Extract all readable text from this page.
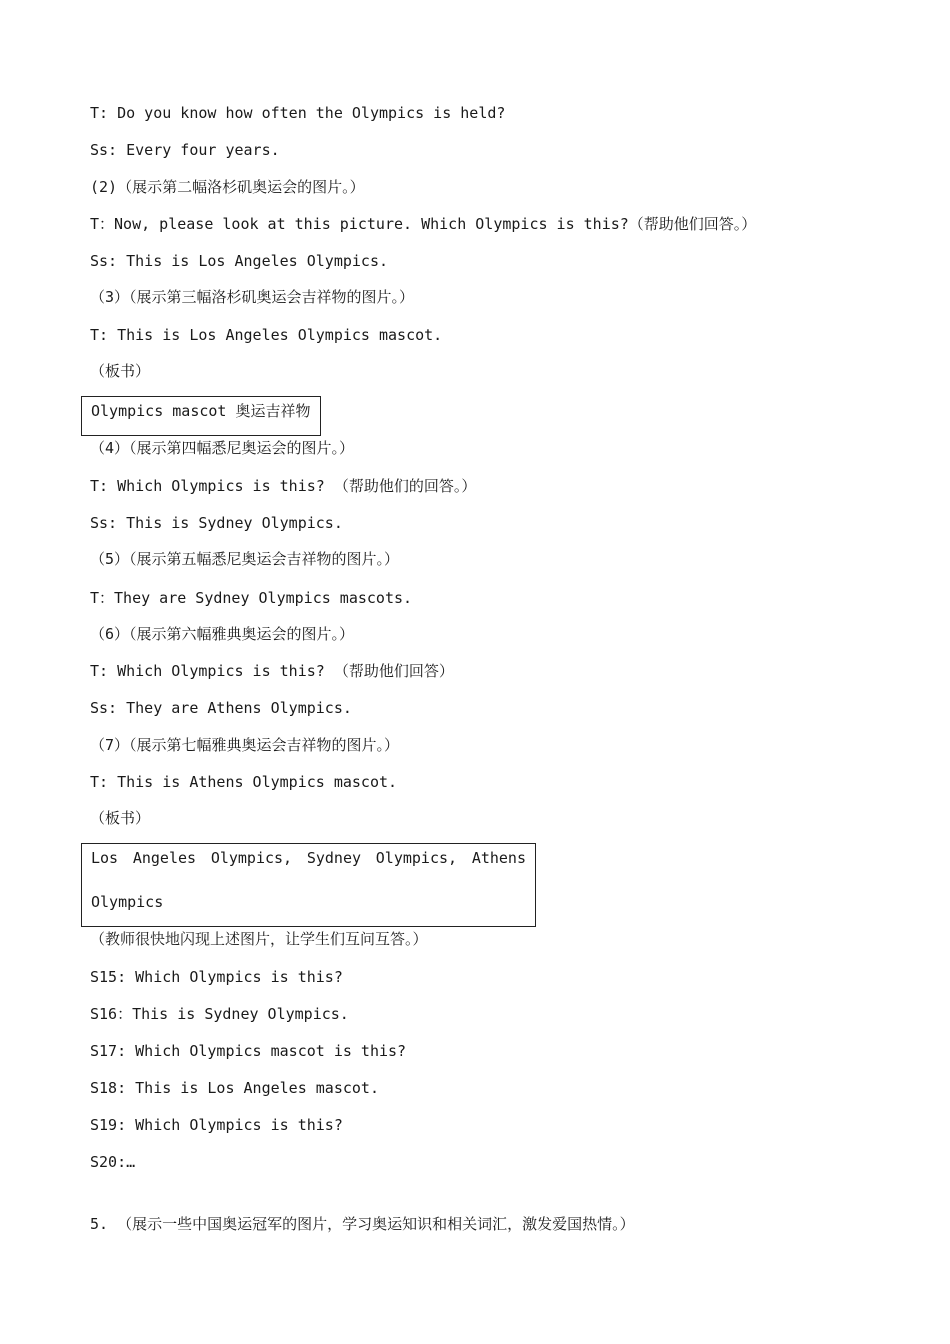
T: Do you know how often the Olympics is held?
Ss: Every four years.
(2)（展示第二幅洛杉矶奥运会的图片。）
T：Now, please look at this picture. Which Olympics is this?（帮助他们回答。）
Ss: This is Los Angeles Olympics.
（3）（展示第三幅洛杉矶奥运会吉祥物的图片。）
T: This is Los Angeles Olympics mascot.
（板书）
Olympics mascot 奥运吉祥物
（4）（展示第四幅悉尼奥运会的图片。）
T: Which Olympics is this? （帮助他们的回答。）
Ss: This is Sydney Olympics.
（5）（展示第五幅悉尼奥运会吉祥物的图片。）
T：They are Sydney Olympics mascots.
（6）（展示第六幅雅典奥运会的图片。）
T: Which Olympics is this? （帮助他们回答）
Ss: They are Athens Olympics.
（7）（展示第七幅雅典奥运会吉祥物的图片。）
T: This is Athens Olympics mascot.
（板书）
Los Angeles Olympics, Sydney Olympics, Athens
Olympics
（教师很快地闪现上述图片，让学生们互问互答。）
S15: Which Olympics is this?
S16：This is Sydney Olympics.
S17: Which Olympics mascot is this?
S18: This is Los Angeles mascot.
S19: Which Olympics is this?
S20:…
5. （展示一些中国奥运冠军的图片，学习奥运知识和相关词汇，激发爱国热情。）
